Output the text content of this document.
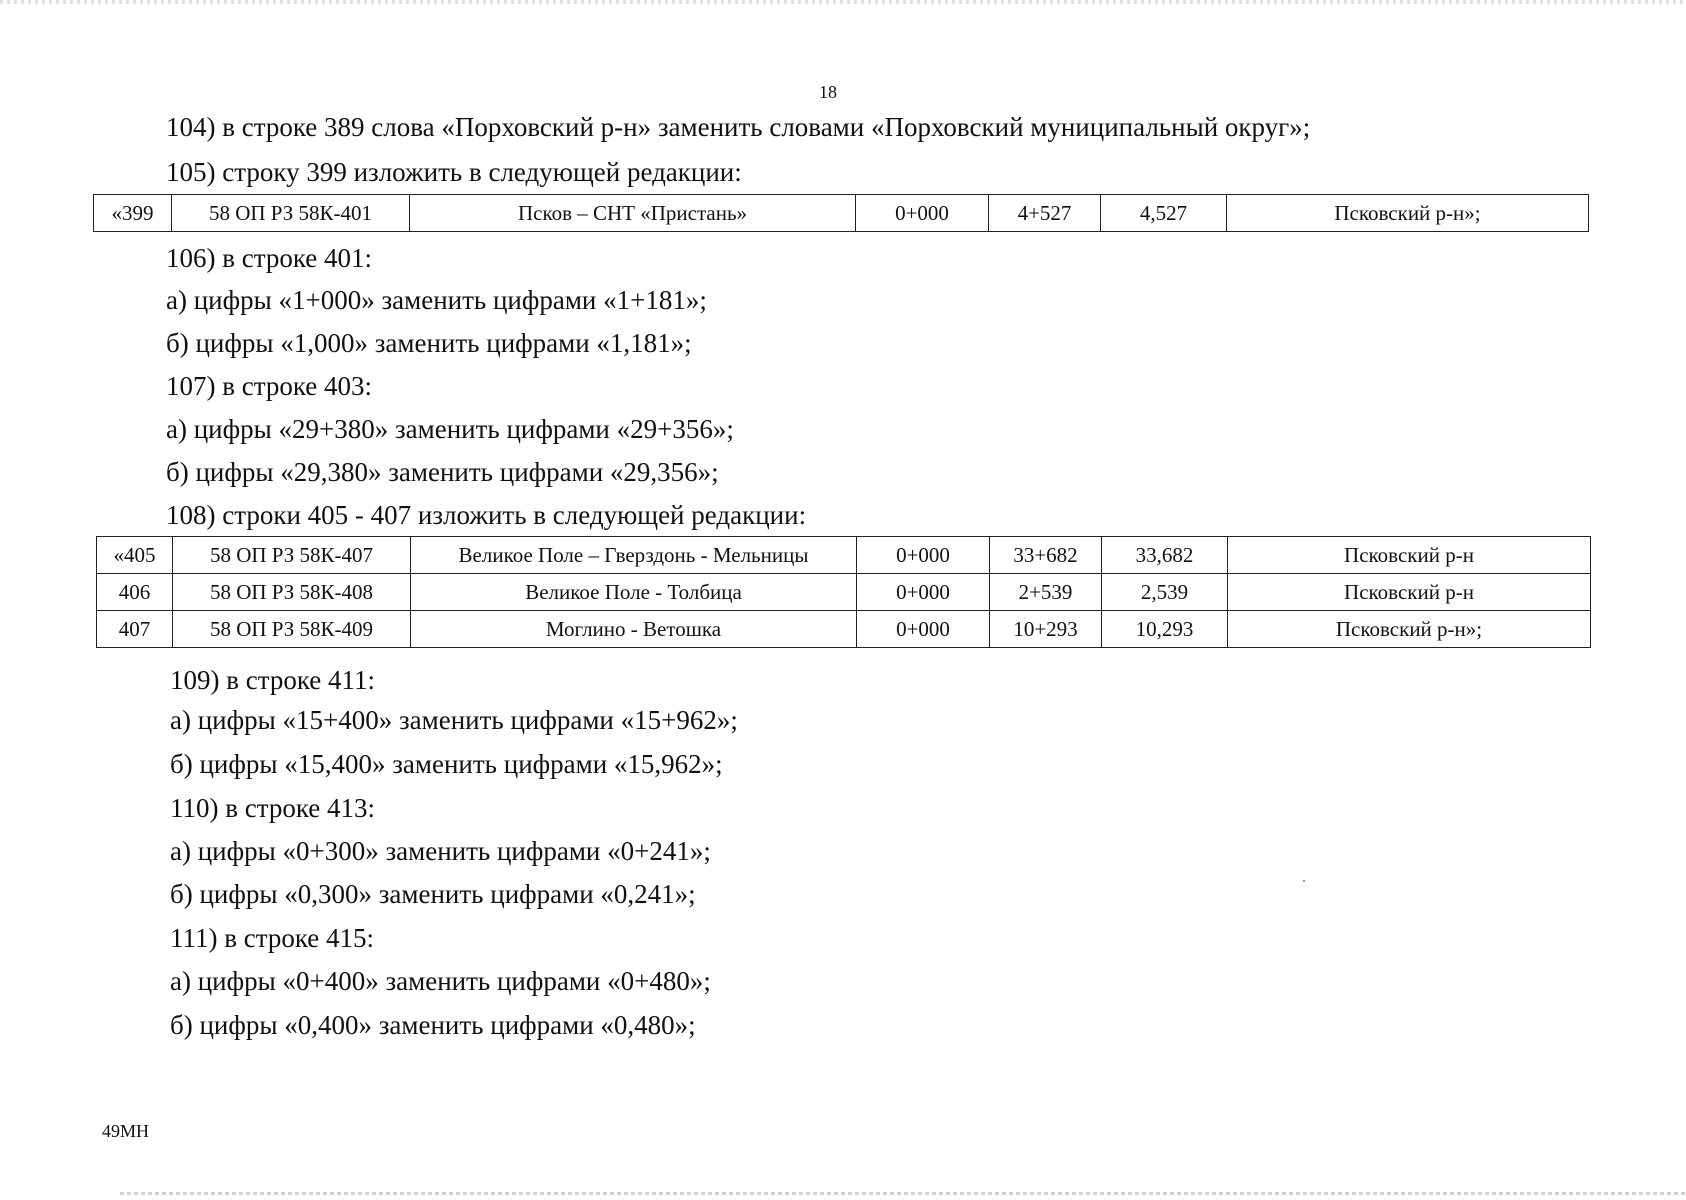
18
104) в строке 389 слова «Порховский р-н» заменить словами «Порховский муниципальный округ»;
105) строку 399 изложить в следующей редакции:
«399	58 ОП РЗ 58К-401	Псков – СНТ «Пристань»	0+000	4+527	4,527	Псковский р-н»;
106) в строке 401:
а) цифры «1+000» заменить цифрами «1+181»;
б) цифры «1,000» заменить цифрами «1,181»;
107) в строке 403:
а) цифры «29+380» заменить цифрами «29+356»;
б) цифры «29,380» заменить цифрами «29,356»;
108) строки 405 - 407 изложить в следующей редакции:
«405	58 ОП РЗ 58К-407	Великое Поле – Гверздонь - Мельницы	0+000	33+682	33,682	Псковский р-н
406	58 ОП РЗ 58К-408	Великое Поле - Толбица	0+000	2+539	2,539	Псковский р-н
407	58 ОП РЗ 58К-409	Моглино - Ветошка	0+000	10+293	10,293	Псковский р-н»;
109) в строке 411:
а) цифры «15+400» заменить цифрами «15+962»;
б) цифры «15,400» заменить цифрами «15,962»;
110) в строке 413:
а) цифры «0+300» заменить цифрами «0+241»;
б) цифры «0,300» заменить цифрами «0,241»;
111) в строке 415:
а) цифры «0+400» заменить цифрами «0+480»;
б) цифры «0,400» заменить цифрами «0,480»;
49МН
